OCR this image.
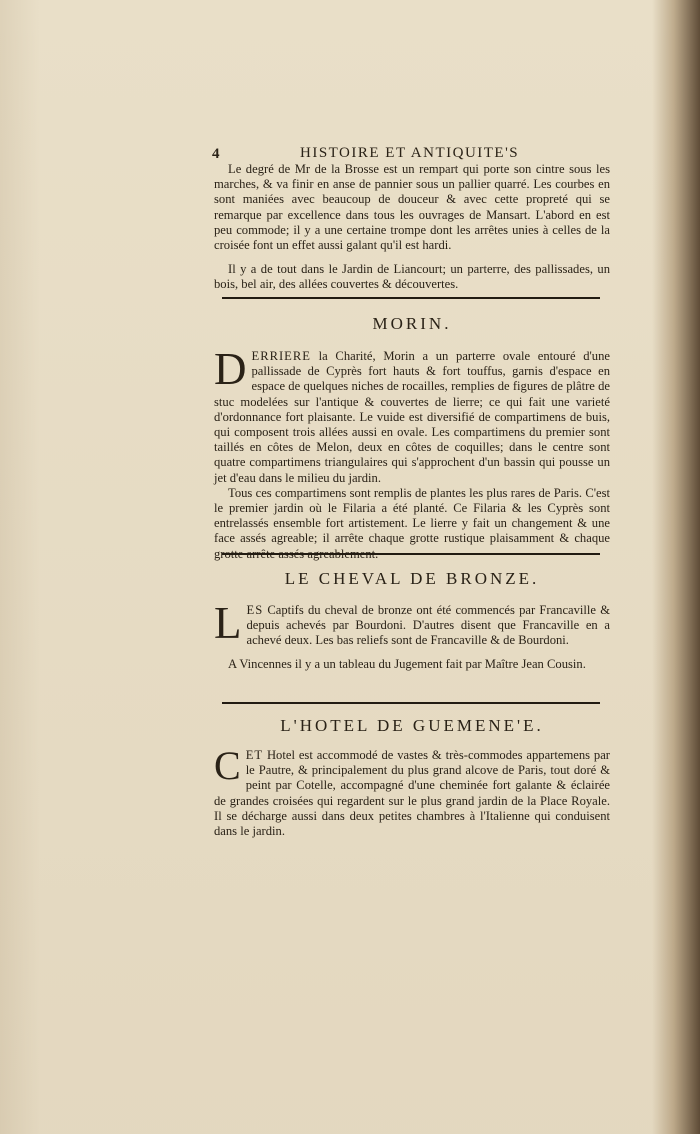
4	HISTOIRE ET ANTIQUITE'S

Le degré de Mr de la Brosse est un rempart qui porte son cintre sous les marches, & va finir en anse de pannier sous un pallier quarré. Les courbes en sont maniées avec beaucoup de douceur & avec cette propreté qui se remarque par excellence dans tous les ouvrages de Mansart. L'abord en est peu commode; il y a une certaine trompe dont les arrêtes unies à celles de la croisée font un effet aussi galant qu'il est hardi.

Il y a de tout dans le Jardin de Liancourt; un parterre, des pallissades, un bois, bel air, des allées couvertes & découvertes.

MORIN.

DERRIERE la Charité, Morin a un parterre ovale entouré d'une pallissade de Cyprès fort hauts & fort touffus, garnis d'espace en espace de quelques niches de rocailles, remplies de figures de plâtre de stuc modelées sur l'antique & couvertes de lierre; ce qui fait une varieté d'ordonnance fort plaisante. Le vuide est diversifié de compartimens de buis, qui composent trois allées aussi en ovale. Les compartimens du premier sont taillés en côtes de Melon, deux en côtes de coquilles; dans le centre sont quatre compartimens triangulaires qui s'approchent d'un bassin qui pousse un jet d'eau dans le milieu du jardin.

Tous ces compartimens sont remplis de plantes les plus rares de Paris. C'est le premier jardin où le Filaria a été planté. Ce Filaria & les Cyprès sont entrelassés ensemble fort artistement. Le lierre y fait un changement & une face assés agreable; il arrête chaque grotte rustique plaisamment & chaque grotte arrête assés agreablement.

LE CHEVAL DE BRONZE.

LES Captifs du cheval de bronze ont été commencés par Francaville & depuis achevés par Bourdoni. D'autres disent que Francaville en a achevé deux. Les bas reliefs sont de Francaville & de Bourdoni.

A Vincennes il y a un tableau du Jugement fait par Maître Jean Cousin.

L'HOTEL DE GUEMENE'E.

CET Hotel est accommodé de vastes & très-commodes appartemens par le Pautre, & principalement du plus grand alcove de Paris, tout doré & peint par Cotelle, accompagné d'une cheminée fort galante & éclairée de grandes croisées qui regardent sur le plus grand jardin de la Place Royale. Il se décharge aussi dans deux petites chambres à l'Italienne qui conduisent dans le jardin.
